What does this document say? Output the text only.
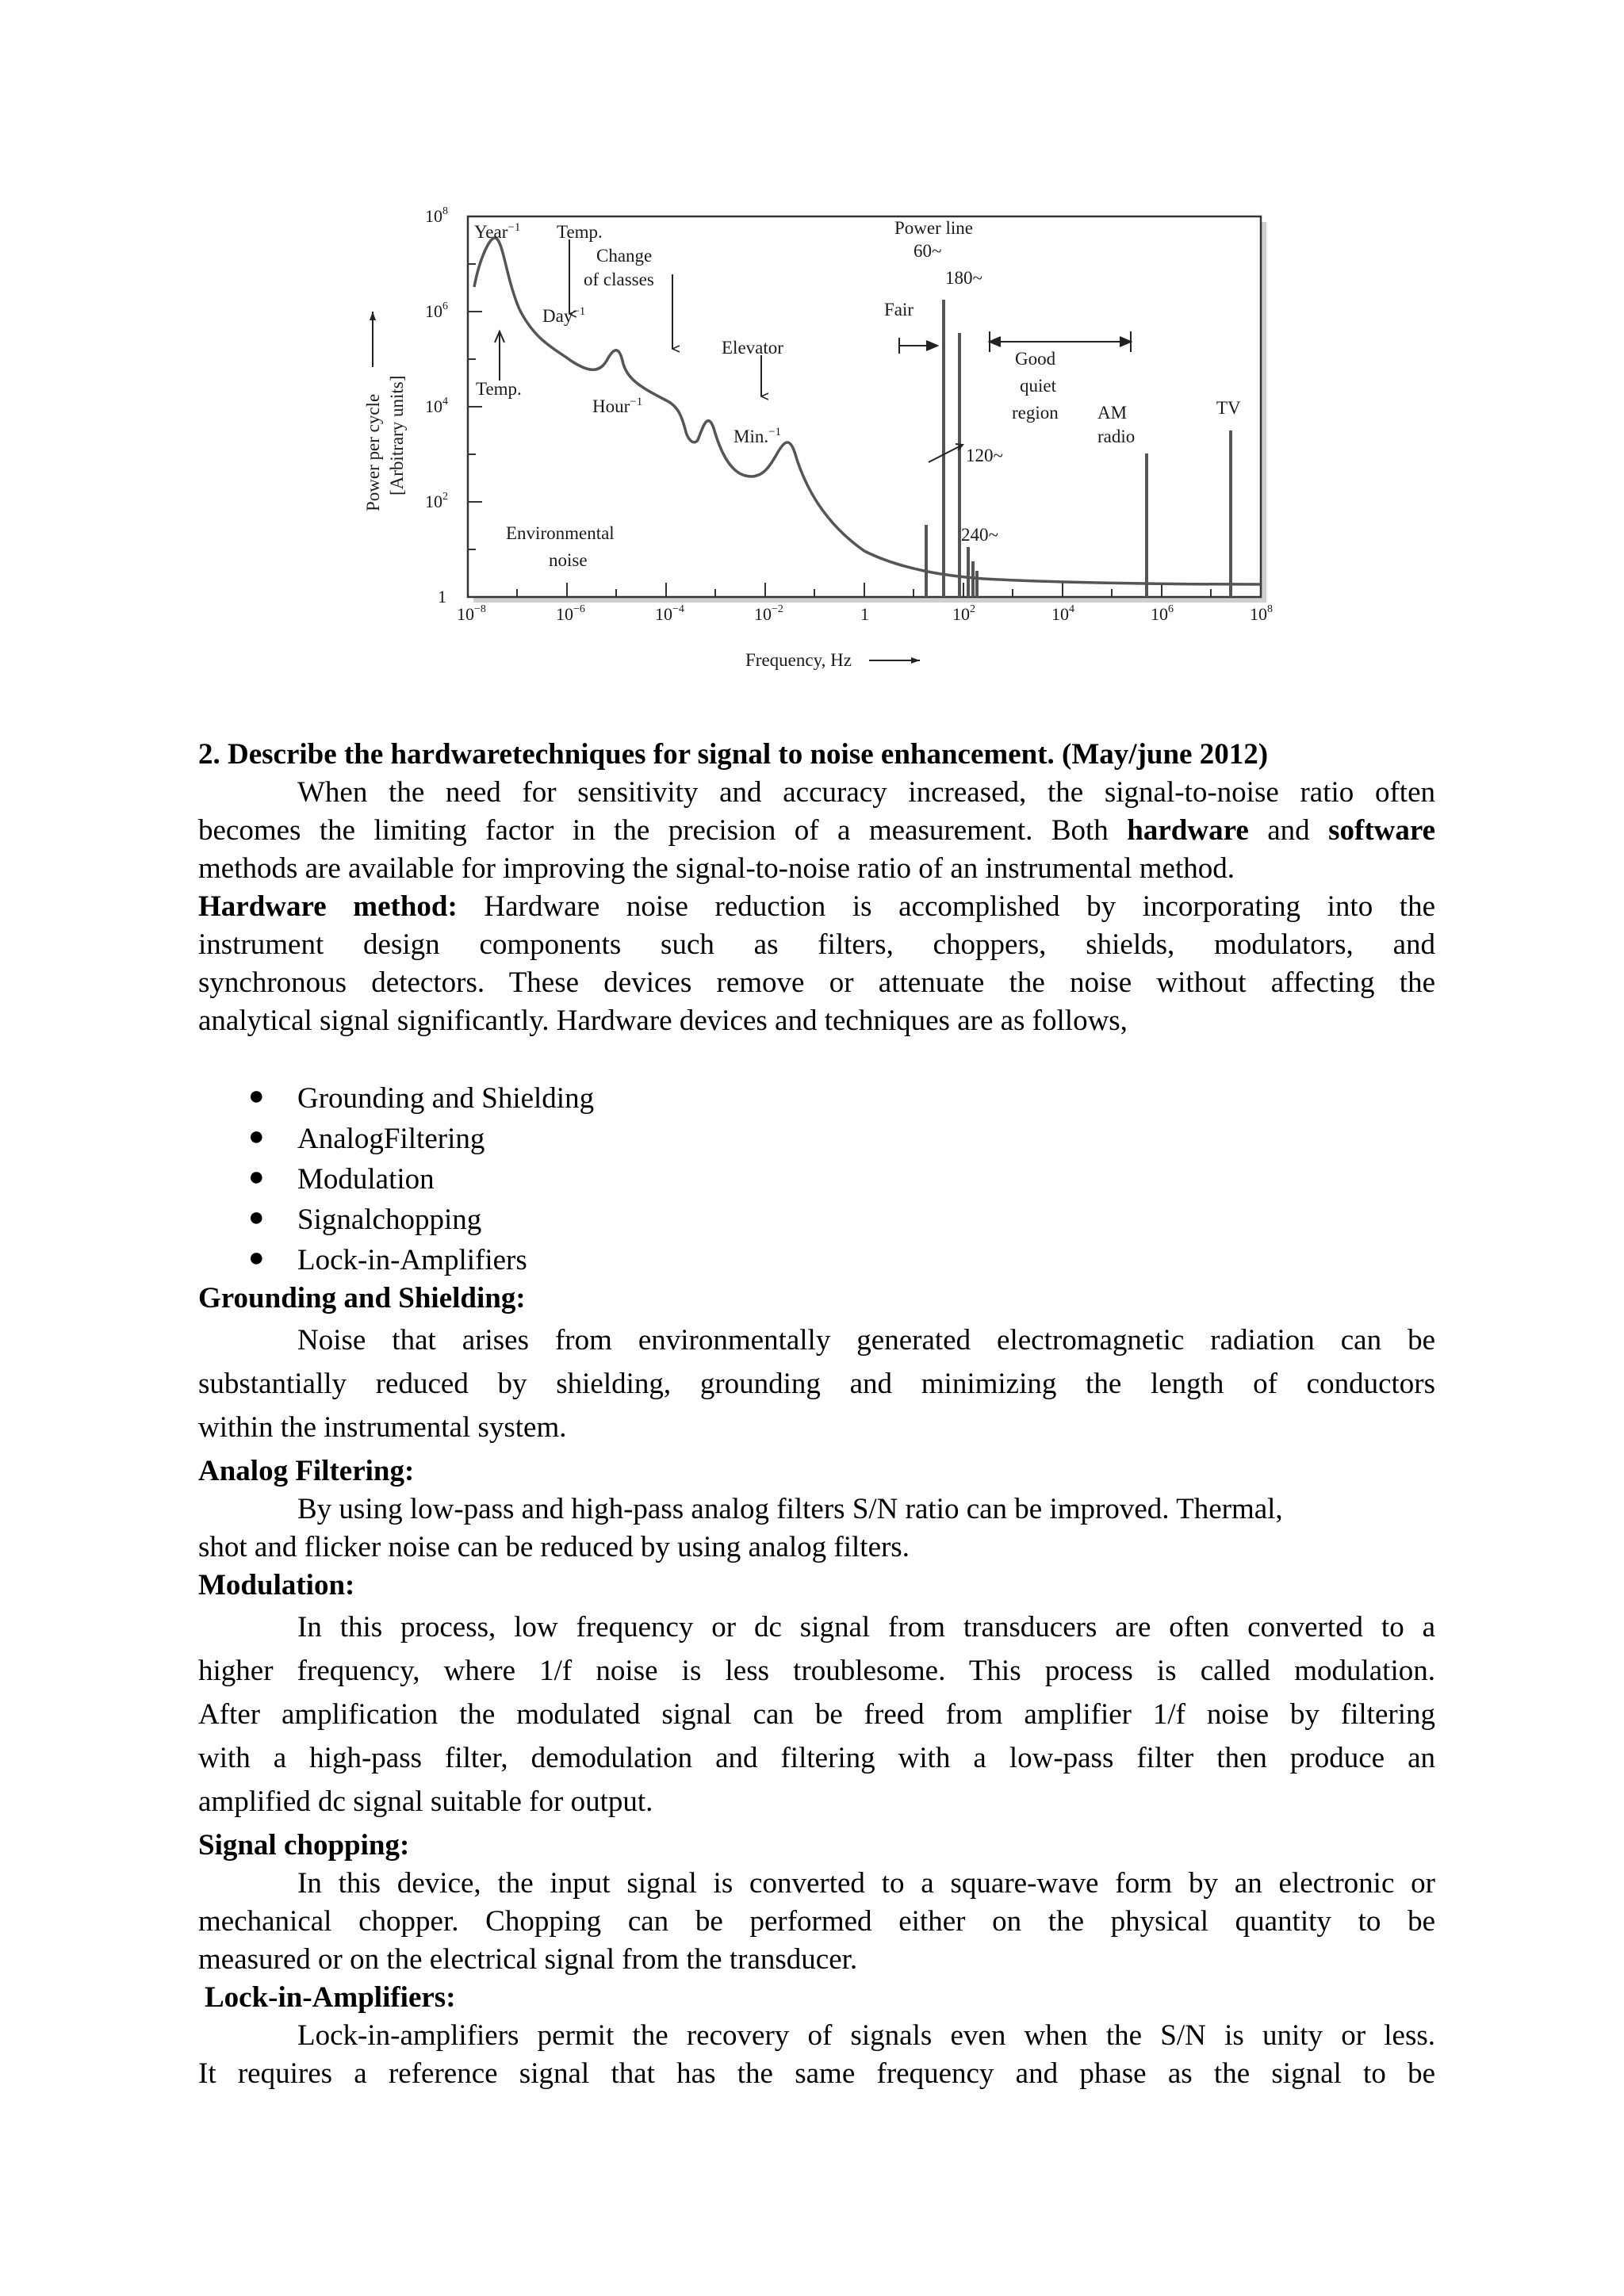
Year$^{-1}$ Temp.
Change
of classes
Day$^{-1}$
Temp.
Hour$^{-1}$
Elevator
Min.$^{-1}$
Power line
60~
180~
Fair
Good
quiet
region AM
radio
TV
120~
240~
Environmental
noise
$10^8$
$10^6$
$10^4$
$10^2$
1
$10^{-8}$	$10^{-6}$	$10^{-4}$	$10^{-2}$	1	$10^2$	$10^4$	$10^6$	$10^8$
Frequency, Hz
Power per cycle [Arbitrary units]
2. Describe the hardwaretechniques for signal to noise enhancement. (May/june 2012)
When the need for sensitivity and accuracy increased, the signal-to-noise ratio often
becomes the limiting factor in the precision of a measurement. Both hardware and software
methods are available for improving the signal-to-noise ratio of an instrumental method.
Hardware method: Hardware noise reduction is accomplished by incorporating into the
instrument design components such as filters, choppers, shields, modulators, and
synchronous detectors. These devices remove or attenuate the noise without affecting the
analytical signal significantly. Hardware devices and techniques are as follows,
● Grounding and Shielding
● AnalogFiltering
● Modulation
● Signalchopping
● Lock-in-Amplifiers
Grounding and Shielding:
Noise that arises from environmentally generated electromagnetic radiation can be
substantially reduced by shielding, grounding and minimizing the length of conductors
within the instrumental system.
Analog Filtering:
By using low-pass and high-pass analog filters S/N ratio can be improved. Thermal,
shot and flicker noise can be reduced by using analog filters.
Modulation:
In this process, low frequency or dc signal from transducers are often converted to a
higher frequency, where 1/f noise is less troublesome. This process is called modulation.
After amplification the modulated signal can be freed from amplifier 1/f noise by filtering
with a high-pass filter, demodulation and filtering with a low-pass filter then produce an
amplified dc signal suitable for output.
Signal chopping:
In this device, the input signal is converted to a square-wave form by an electronic or
mechanical chopper. Chopping can be performed either on the physical quantity to be
measured or on the electrical signal from the transducer.
Lock-in-Amplifiers:
Lock-in-amplifiers permit the recovery of signals even when the S/N is unity or less.
It requires a reference signal that has the same frequency and phase as the signal to be
